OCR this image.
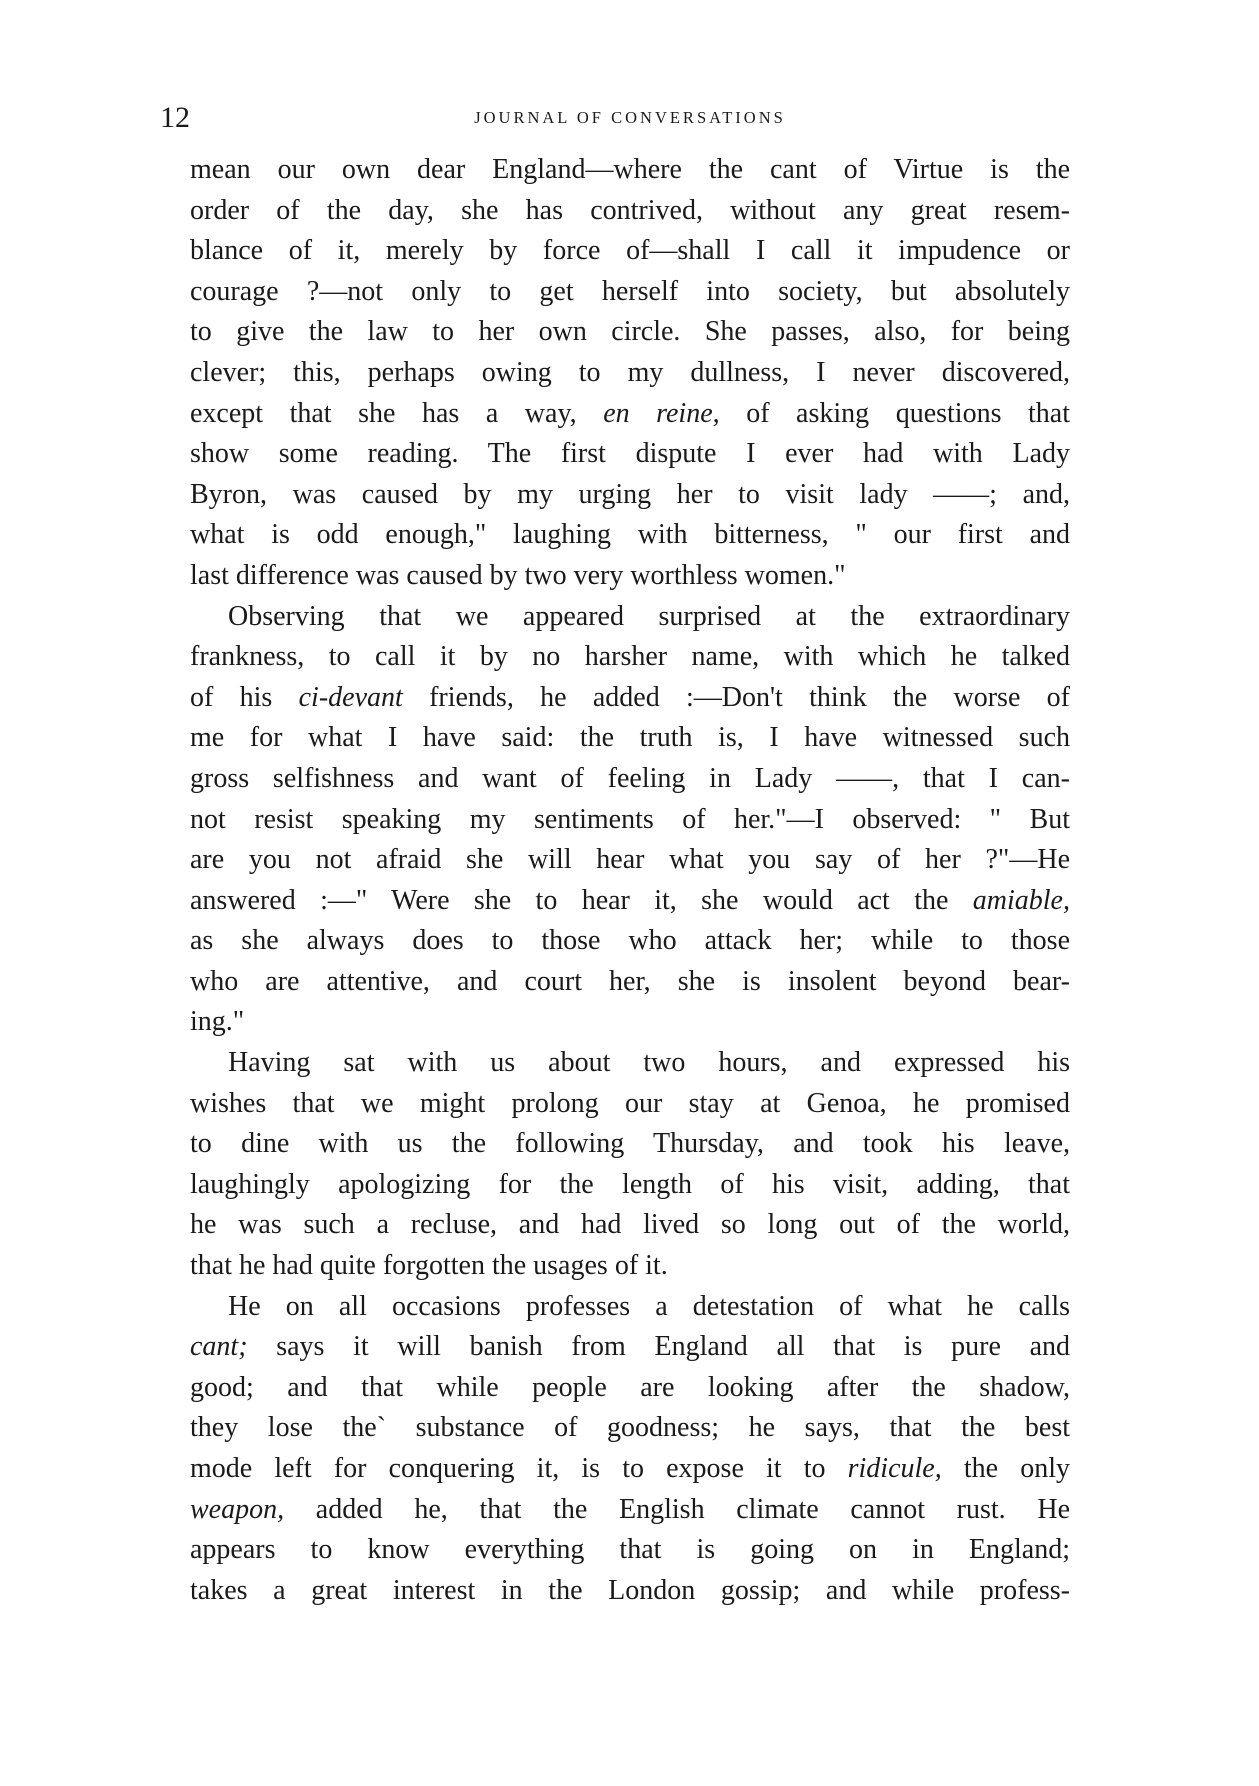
12	JOURNAL OF CONVERSATIONS
mean our own dear England—where the cant of Virtue is the
order of the day, she has contrived, without any great resem-
blance of it, merely by force of—shall I call it impudence or
courage ?—not only to get herself into society, but absolutely
to give the law to her own circle. She passes, also, for being
clever; this, perhaps owing to my dullness, I never discovered,
except that she has a way, en reine, of asking questions that
show some reading. The first dispute I ever had with Lady
Byron, was caused by my urging her to visit lady ——; and,
what is odd enough," laughing with bitterness, " our first and
last difference was caused by two very worthless women."
Observing that we appeared surprised at the extraordinary
frankness, to call it by no harsher name, with which he talked
of his ci-devant friends, he added :—Don't think the worse of
me for what I have said: the truth is, I have witnessed such
gross selfishness and want of feeling in Lady ——, that I can-
not resist speaking my sentiments of her."—I observed: " But
are you not afraid she will hear what you say of her ?"—He
answered :—" Were she to hear it, she would act the amiable,
as she always does to those who attack her; while to those
who are attentive, and court her, she is insolent beyond bear-
ing."
Having sat with us about two hours, and expressed his
wishes that we might prolong our stay at Genoa, he promised
to dine with us the following Thursday, and took his leave,
laughingly apologizing for the length of his visit, adding, that
he was such a recluse, and had lived so long out of the world,
that he had quite forgotten the usages of it.
He on all occasions professes a detestation of what he calls
cant; says it will banish from England all that is pure and
good; and that while people are looking after the shadow,
they lose the` substance of goodness; he says, that the best
mode left for conquering it, is to expose it to ridicule, the only
weapon, added he, that the English climate cannot rust. He
appears to know everything that is going on in England;
takes a great interest in the London gossip; and while profess-
